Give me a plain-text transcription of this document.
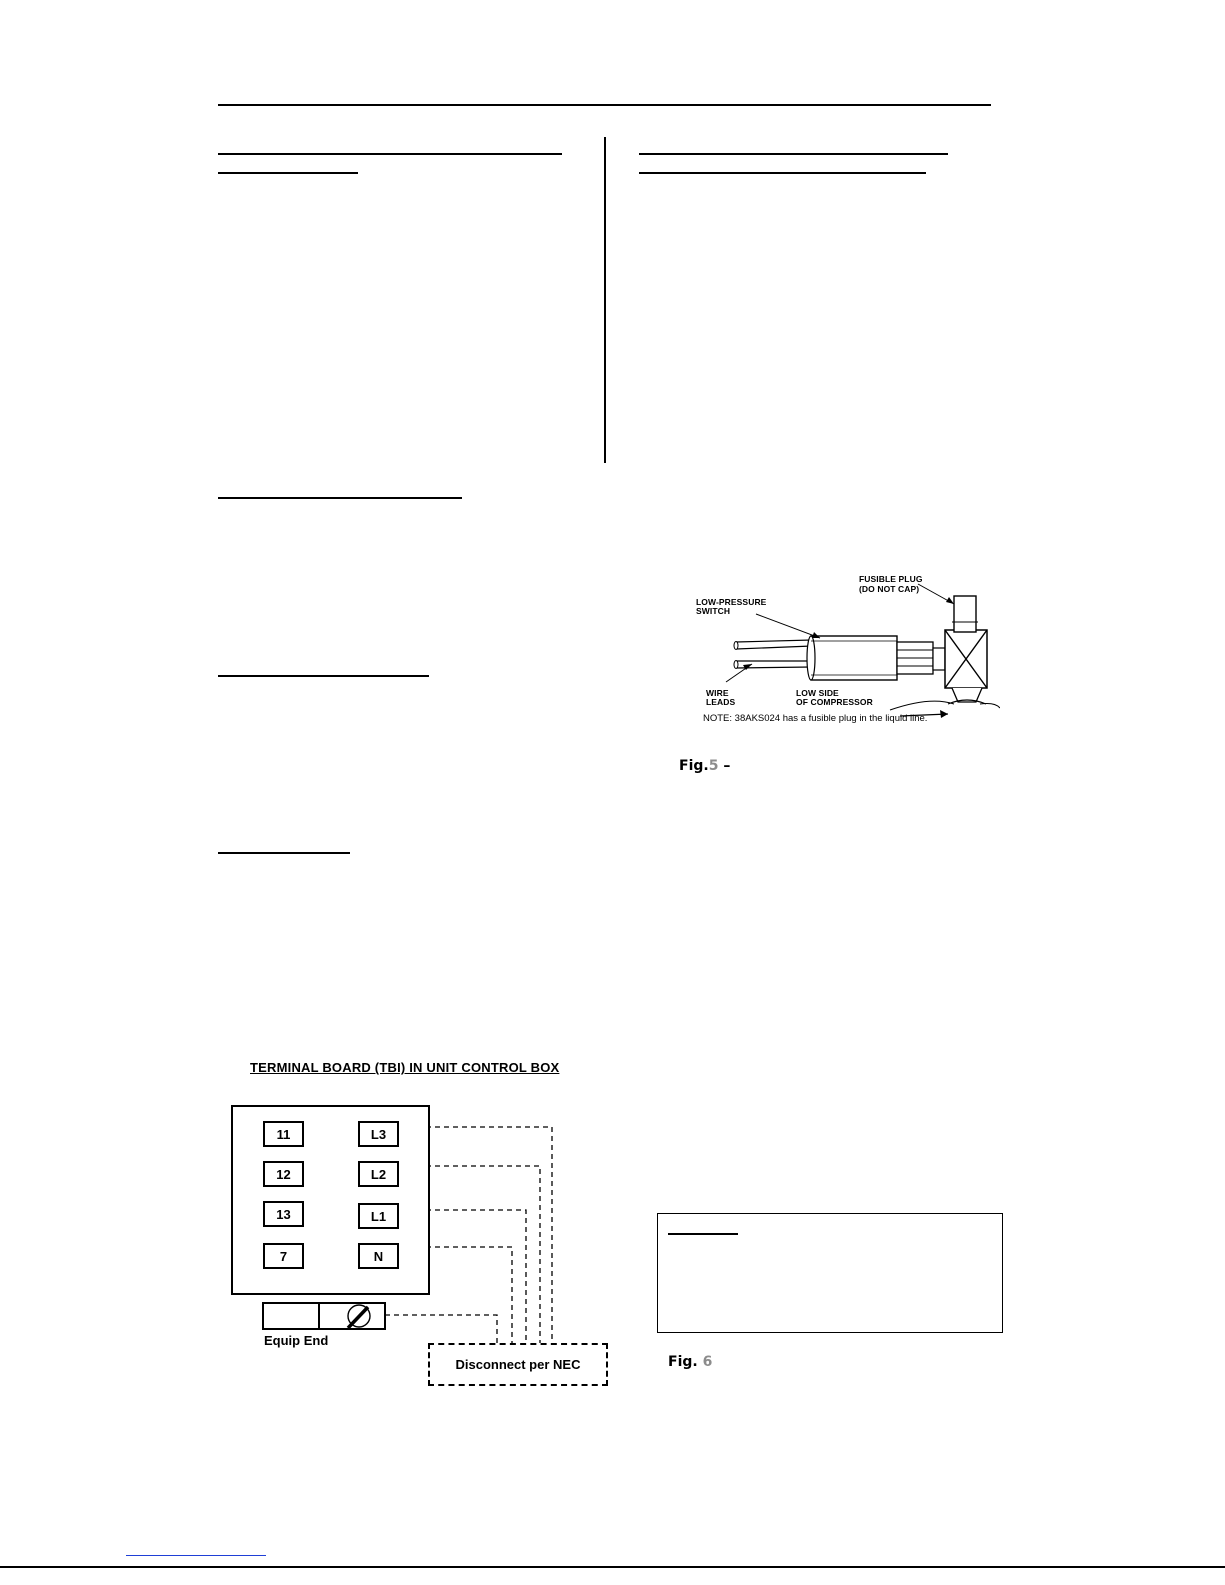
FUSIBLE PLUG
(DO NOT CAP)
LOW-PRESSURE
SWITCH
WIRE
LEADS
LOW SIDE
OF COMPRESSOR
NOTE: 38AKS024 has a fusible plug in the liquid line.
Fig.5 –
TERMINAL BOARD (TBI) IN UNIT CONTROL BOX
11
12
13
7
L3
L2
L1
N
Equip End
Disconnect per NEC	Fig. 6
